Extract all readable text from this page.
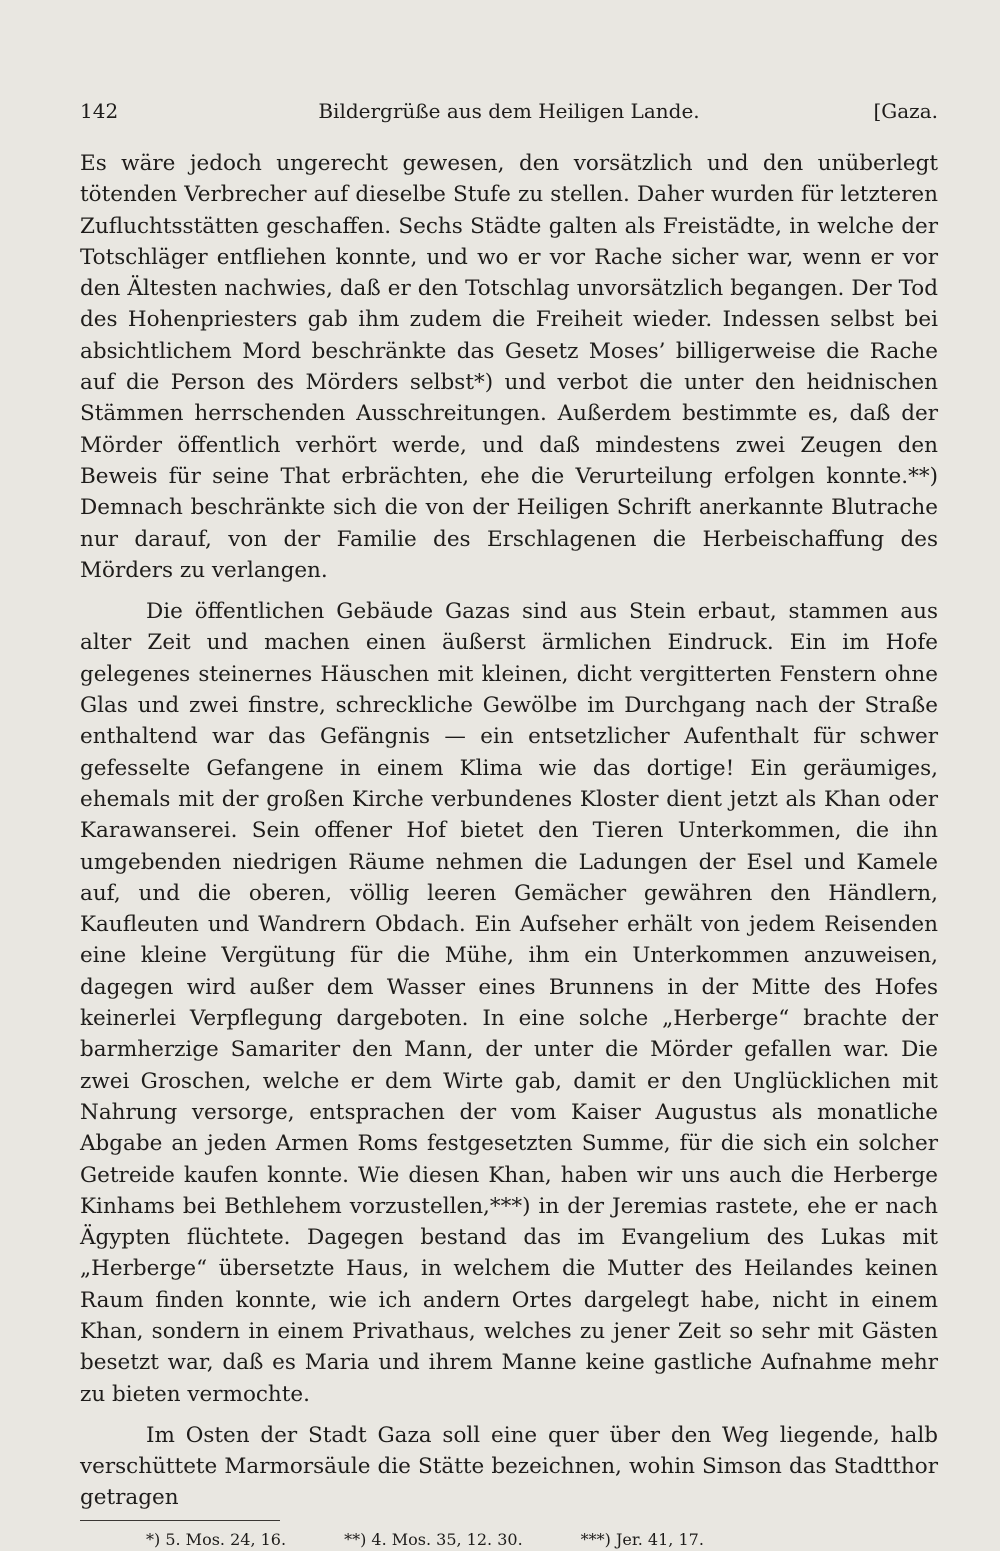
142	Bildergrüße aus dem Heiligen Lande.	[Gaza.

Es wäre jedoch ungerecht gewesen, den vorsätzlich und den unüberlegt tötenden Verbrecher auf dieselbe Stufe zu stellen. Daher wurden für letzteren Zufluchtsstätten geschaffen. Sechs Städte galten als Freistädte, in welche der Totschläger entfliehen konnte, und wo er vor Rache sicher war, wenn er vor den Ältesten nachwies, daß er den Totschlag unvorsätzlich begangen. Der Tod des Hohenpriesters gab ihm zudem die Freiheit wieder. Indessen selbst bei absichtlichem Mord beschränkte das Gesetz Moses’ billigerweise die Rache auf die Person des Mörders selbst*) und verbot die unter den heidnischen Stämmen herrschenden Ausschreitungen. Außerdem bestimmte es, daß der Mörder öffentlich verhört werde, und daß mindestens zwei Zeugen den Beweis für seine That erbrächten, ehe die Verurteilung erfolgen konnte.**) Demnach beschränkte sich die von der Heiligen Schrift anerkannte Blutrache nur darauf, von der Familie des Erschlagenen die Herbeischaffung des Mörders zu verlangen.

Die öffentlichen Gebäude Gazas sind aus Stein erbaut, stammen aus alter Zeit und machen einen äußerst ärmlichen Eindruck. Ein im Hofe gelegenes steinernes Häuschen mit kleinen, dicht vergitterten Fenstern ohne Glas und zwei finstre, schreckliche Gewölbe im Durchgang nach der Straße enthaltend war das Gefängnis — ein entsetzlicher Aufenthalt für schwer gefesselte Gefangene in einem Klima wie das dortige! Ein geräumiges, ehemals mit der großen Kirche verbundenes Kloster dient jetzt als Khan oder Karawanserei. Sein offener Hof bietet den Tieren Unterkommen, die ihn umgebenden niedrigen Räume nehmen die Ladungen der Esel und Kamele auf, und die oberen, völlig leeren Gemächer gewähren den Händlern, Kaufleuten und Wandrern Obdach. Ein Aufseher erhält von jedem Reisenden eine kleine Vergütung für die Mühe, ihm ein Unterkommen anzuweisen, dagegen wird außer dem Wasser eines Brunnens in der Mitte des Hofes keinerlei Verpflegung dargeboten. In eine solche „Herberge“ brachte der barmherzige Samariter den Mann, der unter die Mörder gefallen war. Die zwei Groschen, welche er dem Wirte gab, damit er den Unglücklichen mit Nahrung versorge, entsprachen der vom Kaiser Augustus als monatliche Abgabe an jeden Armen Roms festgesetzten Summe, für die sich ein solcher Getreide kaufen konnte. Wie diesen Khan, haben wir uns auch die Herberge Kinhams bei Bethlehem vorzustellen,***) in der Jeremias rastete, ehe er nach Ägypten flüchtete. Dagegen bestand das im Evangelium des Lukas mit „Herberge“ übersetzte Haus, in welchem die Mutter des Heilandes keinen Raum finden konnte, wie ich andern Ortes dargelegt habe, nicht in einem Khan, sondern in einem Privathaus, welches zu jener Zeit so sehr mit Gästen besetzt war, daß es Maria und ihrem Manne keine gastliche Aufnahme mehr zu bieten vermochte.

Im Osten der Stadt Gaza soll eine quer über den Weg liegende, halb verschüttete Marmorsäule die Stätte bezeichnen, wohin Simson das Stadtthor getragen

*) 5. Mos. 24, 16.	**) 4. Mos. 35, 12. 30.	***) Jer. 41, 17.
